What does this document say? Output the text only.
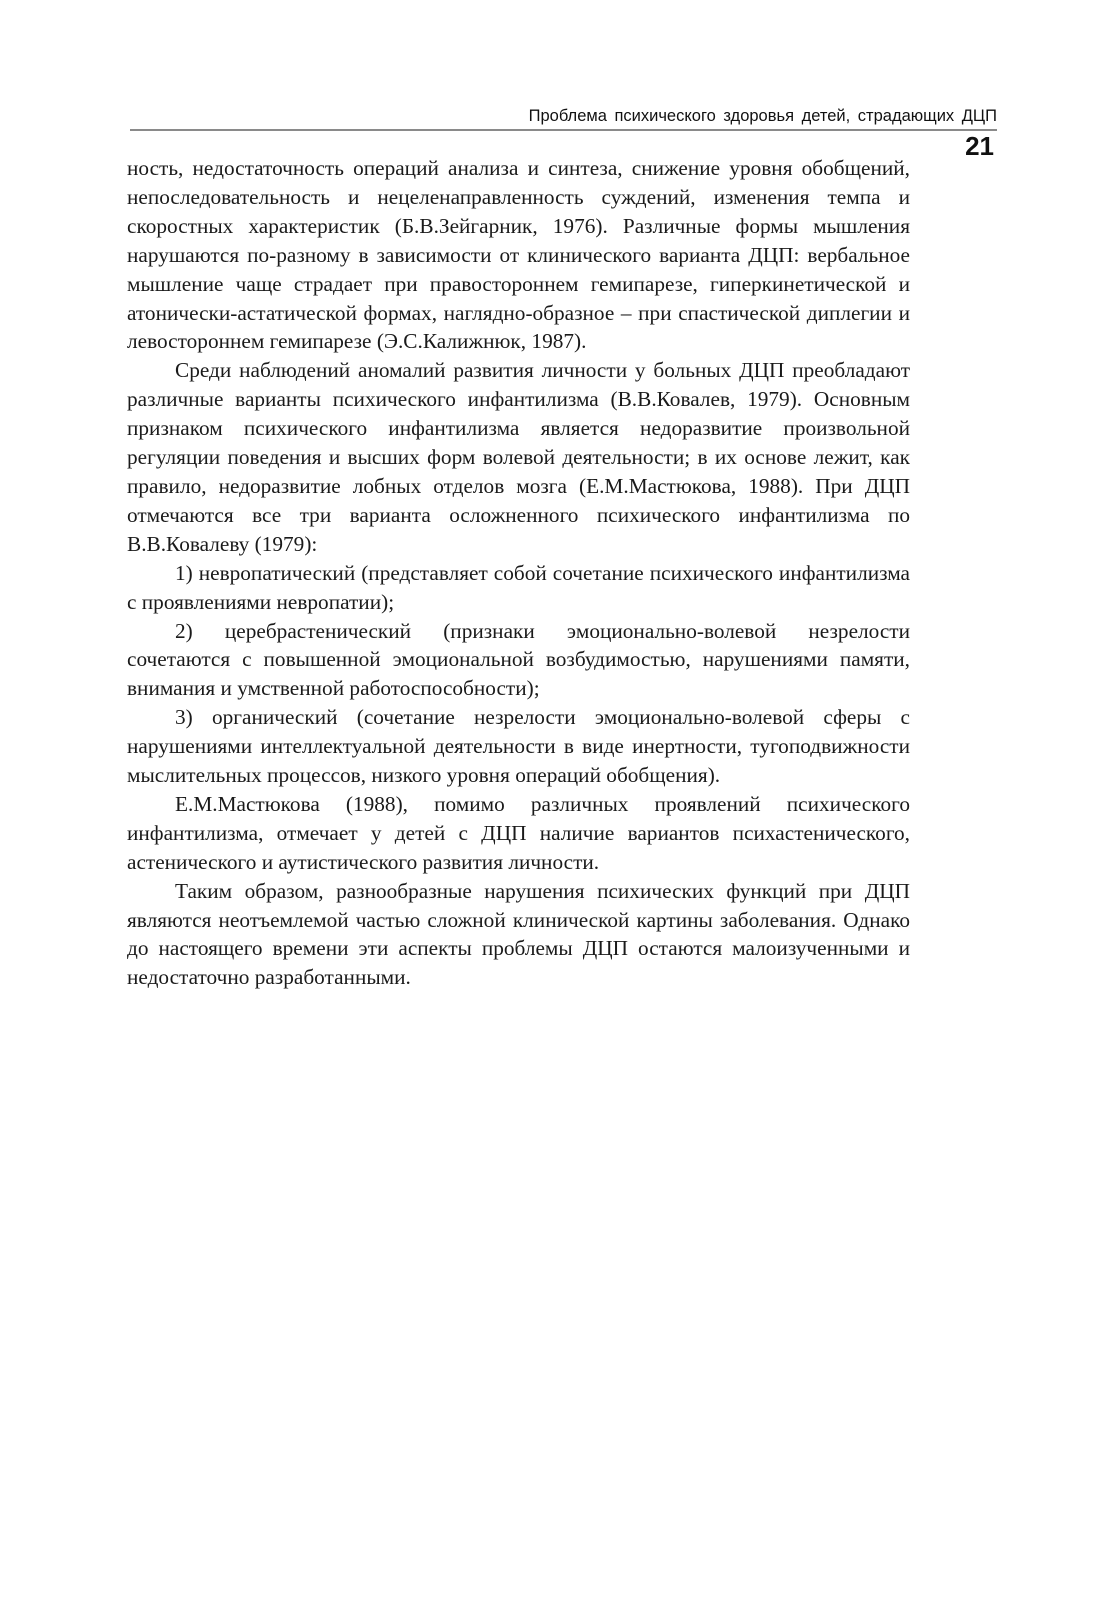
Проблема психического здоровья детей, страдающих ДЦП
21

ность, недостаточность операций анализа и синтеза, снижение уровня обобщений, непоследовательность и нецеленаправленность суждений, изменения темпа и скоростных характеристик (Б.В.Зейгарник, 1976). Различные формы мышления нарушаются по-разному в зависимости от клинического варианта ДЦП: вербальное мышление чаще страдает при правостороннем гемипарезе, гиперкинетической и атонически-астатической формах, наглядно-образное – при спастической диплегии и левостороннем гемипарезе (Э.С.Калижнюк, 1987).

Среди наблюдений аномалий развития личности у больных ДЦП преобладают различные варианты психического инфантилизма (В.В.Ковалев, 1979). Основным признаком психического инфантилизма является недоразвитие произвольной регуляции поведения и высших форм волевой деятельности; в их основе лежит, как правило, недоразвитие лобных отделов мозга (Е.М.Мастюкова, 1988). При ДЦП отмечаются все три варианта осложненного психического инфантилизма по В.В.Ковалеву (1979):

1) невропатический (представляет собой сочетание психического инфантилизма с проявлениями невропатии);

2) церебрастенический (признаки эмоционально-волевой незрелости сочетаются с повышенной эмоциональной возбудимостью, нарушениями памяти, внимания и умственной работоспособности);

3) органический (сочетание незрелости эмоционально-волевой сферы с нарушениями интеллектуальной деятельности в виде инертности, тугоподвижности мыслительных процессов, низкого уровня операций обобщения).

Е.М.Мастюкова (1988), помимо различных проявлений психического инфантилизма, отмечает у детей с ДЦП наличие вариантов психастенического, астенического и аутистического развития личности.

Таким образом, разнообразные нарушения психических функций при ДЦП являются неотъемлемой частью сложной клинической картины заболевания. Однако до настоящего времени эти аспекты проблемы ДЦП остаются малоизученными и недостаточно разработанными.
